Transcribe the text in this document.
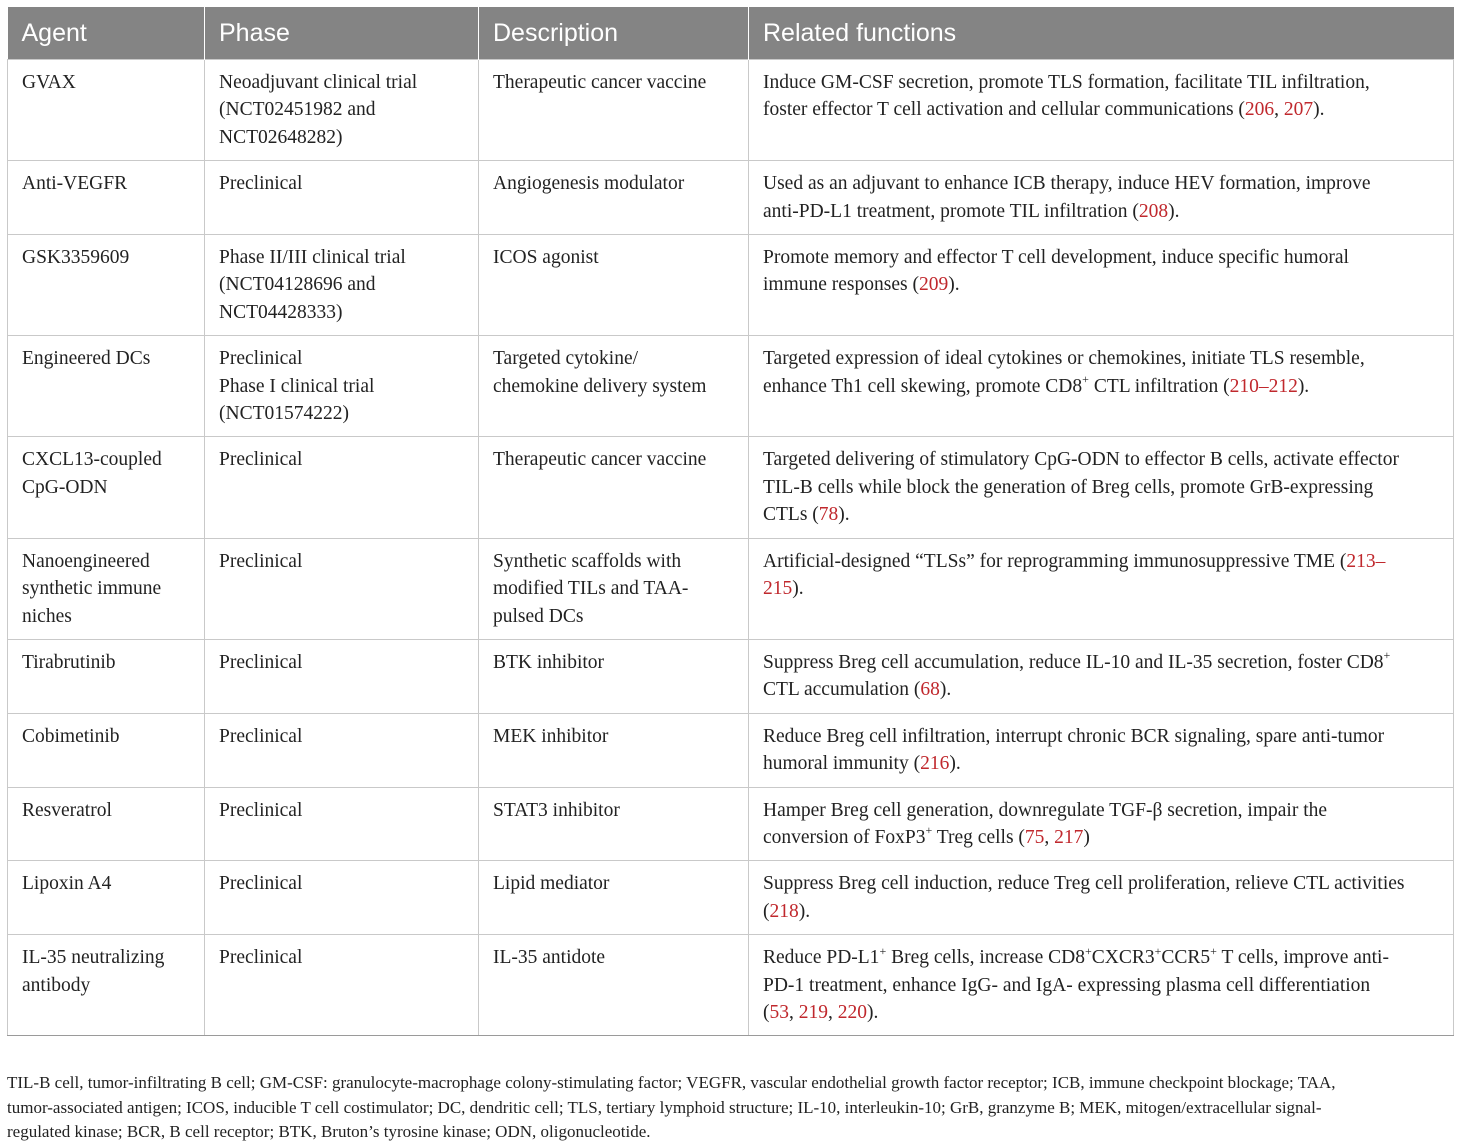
Agent	Phase	Description	Related functions
GVAX	Neoadjuvant clinical trial
(NCT02451982 and
NCT02648282)	Therapeutic cancer vaccine	Induce GM-CSF secretion, promote TLS formation, facilitate TIL infiltration,
foster effector T cell activation and cellular communications (206, 207).
Anti-VEGFR	Preclinical	Angiogenesis modulator	Used as an adjuvant to enhance ICB therapy, induce HEV formation, improve
anti-PD-L1 treatment, promote TIL infiltration (208).
GSK3359609	Phase II/III clinical trial
(NCT04128696 and
NCT04428333)	ICOS agonist	Promote memory and effector T cell development, induce specific humoral
immune responses (209).
Engineered DCs	Preclinical
Phase I clinical trial
(NCT01574222)	Targeted cytokine/
chemokine delivery system	Targeted expression of ideal cytokines or chemokines, initiate TLS resemble,
enhance Th1 cell skewing, promote CD8+ CTL infiltration (210–212).
CXCL13-coupled
CpG-ODN	Preclinical	Therapeutic cancer vaccine	Targeted delivering of stimulatory CpG-ODN to effector B cells, activate effector
TIL-B cells while block the generation of Breg cells, promote GrB-expressing
CTLs (78).
Nanoengineered
synthetic immune
niches	Preclinical	Synthetic scaffolds with
modified TILs and TAA-
pulsed DCs	Artificial-designed “TLSs” for reprogramming immunosuppressive TME (213–
215).
Tirabrutinib	Preclinical	BTK inhibitor	Suppress Breg cell accumulation, reduce IL-10 and IL-35 secretion, foster CD8+
CTL accumulation (68).
Cobimetinib	Preclinical	MEK inhibitor	Reduce Breg cell infiltration, interrupt chronic BCR signaling, spare anti-tumor
humoral immunity (216).
Resveratrol	Preclinical	STAT3 inhibitor	Hamper Breg cell generation, downregulate TGF-β secretion, impair the
conversion of FoxP3+ Treg cells (75, 217)
Lipoxin A4	Preclinical	Lipid mediator	Suppress Breg cell induction, reduce Treg cell proliferation, relieve CTL activities
(218).
IL-35 neutralizing
antibody	Preclinical	IL-35 antidote	Reduce PD-L1+ Breg cells, increase CD8+CXCR3+CCR5+ T cells, improve anti-
PD-1 treatment, enhance IgG- and IgA- expressing plasma cell differentiation
(53, 219, 220).
TIL-B cell, tumor-infiltrating B cell; GM-CSF: granulocyte-macrophage colony-stimulating factor; VEGFR, vascular endothelial growth factor receptor; ICB, immune checkpoint blockage; TAA,
tumor-associated antigen; ICOS, inducible T cell costimulator; DC, dendritic cell; TLS, tertiary lymphoid structure; IL-10, interleukin-10; GrB, granzyme B; MEK, mitogen/extracellular signal-
regulated kinase; BCR, B cell receptor; BTK, Bruton’s tyrosine kinase; ODN, oligonucleotide.
